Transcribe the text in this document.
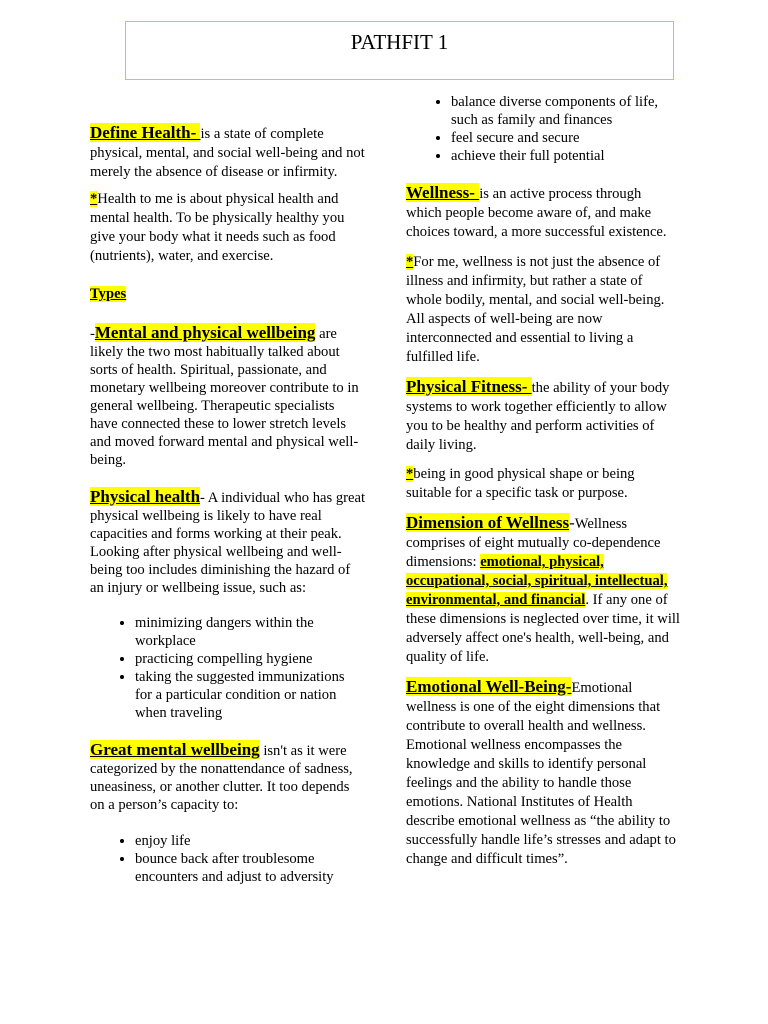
PATHFIT 1

Define Health- is a state of complete physical, mental, and social well-being and not merely the absence of disease or infirmity.

*Health to me is about physical health and mental health. To be physically healthy you give your body what it needs such as food (nutrients), water, and exercise.

Types

-Mental and physical wellbeing are likely the two most habitually talked about sorts of health. Spiritual, passionate, and monetary wellbeing moreover contribute to in general wellbeing. Therapeutic specialists have connected these to lower stretch levels and moved forward mental and physical well-being.

Physical health- A individual who has great physical wellbeing is likely to have real capacities and forms working at their peak. Looking after physical wellbeing and well-being too includes diminishing the hazard of an injury or wellbeing issue, such as:

• minimizing dangers within the workplace
• practicing compelling hygiene
• taking the suggested immunizations for a particular condition or nation when traveling

Great mental wellbeing isn't as it were categorized by the nonattendance of sadness, uneasiness, or another clutter. It too depends on a person’s capacity to:

• enjoy life
• bounce back after troublesome encounters and adjust to adversity
• balance diverse components of life, such as family and finances
• feel secure and secure
• achieve their full potential

Wellness- is an active process through which people become aware of, and make choices toward, a more successful existence.

*For me, wellness is not just the absence of illness and infirmity, but rather a state of whole bodily, mental, and social well-being. All aspects of well-being are now interconnected and essential to living a fulfilled life.

Physical Fitness- the ability of your body systems to work together efficiently to allow you to be healthy and perform activities of daily living.

*being in good physical shape or being suitable for a specific task or purpose.

Dimension of Wellness-Wellness comprises of eight mutually co-dependence dimensions: emotional, physical, occupational, social, spiritual, intellectual, environmental, and financial. If any one of these dimensions is neglected over time, it will adversely affect one's health, well-being, and quality of life.

Emotional Well-Being-Emotional wellness is one of the eight dimensions that contribute to overall health and wellness. Emotional wellness encompasses the knowledge and skills to identify personal feelings and the ability to handle those emotions. National Institutes of Health describe emotional wellness as “the ability to successfully handle life’s stresses and adapt to change and difficult times”.
